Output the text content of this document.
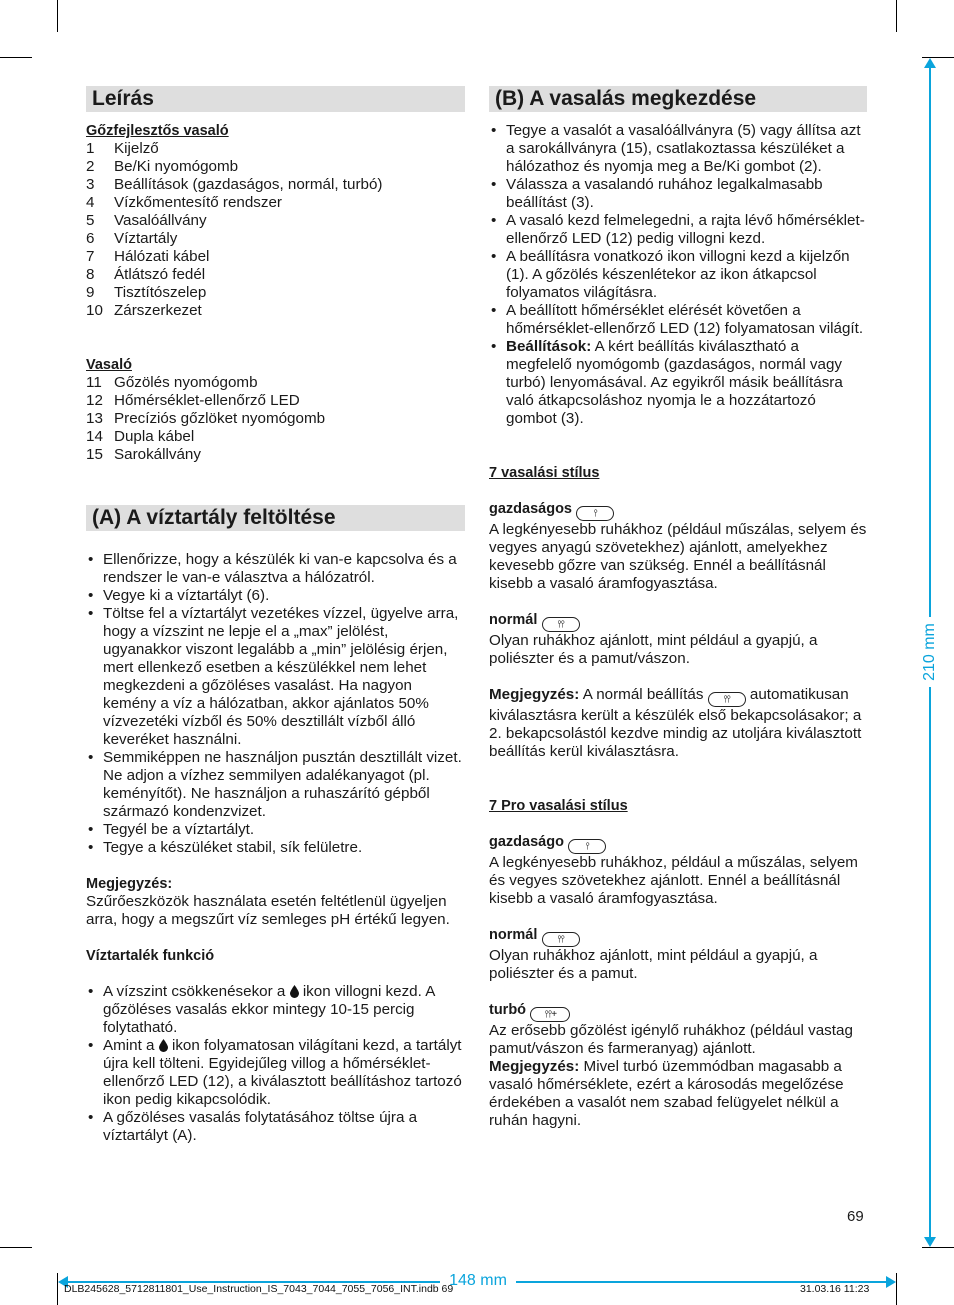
210 mm
148 mm
Leírás
Gőzfejlesztős vasaló
1	Kijelző
2	Be/Ki nyomógomb
3	Beállítások (gazdaságos, normál, turbó)
4	Vízkőmentesítő rendszer
5	Vasalóállvány
6	Víztartály
7	Hálózati kábel
8	Átlátszó fedél
9	Tisztítószelep
10 Zárszerkezet
Vasaló
11 Gőzölés nyomógomb
12 Hőmérséklet-ellenőrző LED
13 Precíziós gőzlöket nyomógomb
14 Dupla kábel
15 Sarokállvány
(A) A víztartály feltöltése
• Ellenőrizze, hogy a készülék ki van-e kapcsolva és a rendszer le van-e választva a hálózatról.
• Vegye ki a víztartályt (6).
• Töltse fel a víztartályt vezetékes vízzel, ügyelve arra, hogy a vízszint ne lepje el a „max” jelölést, ugyanakkor viszont legalább a „min” jelölésig érjen, mert ellenkező esetben a készülékkel nem lehet megkezdeni a gőzöléses vasalást. Ha nagyon kemény a víz a hálózatban, akkor ajánlatos 50% vízvezetéki vízből és 50% desztillált vízből álló keveréket használni.
• Semmiképpen ne használjon pusztán desztillált vizet. Ne adjon a vízhez semmilyen adalékanyagot (pl. keményítőt). Ne használjon a ruhaszárító gépből származó kondenzvizet.
• Tegyél be a víztartályt.
• Tegye a készüléket stabil, sík felületre.
Megjegyzés:
Szűrőeszközök használata esetén feltétlenül ügyeljen arra, hogy a megszűrt víz semleges pH értékű legyen.
Víztartalék funkció
• A vízszint csökkenésekor a ikon villogni kezd. A gőzöléses vasalás ekkor mintegy 10-15 percig folytatható.
• Amint a ikon folyamatosan világítani kezd, a tartályt újra kell tölteni. Egyidejűleg villog a hőmérséklet-ellenőrző LED (12), a kiválasztott beállításhoz tartozó ikon pedig kikapcsolódik.
• A gőzöléses vasalás folytatásához töltse újra a víztartályt (A).
(B) A vasalás megkezdése
• Tegye a vasalót a vasalóállványra (5) vagy állítsa azt a sarokállványra (15), csatlakoztassa készüléket a hálózathoz és nyomja meg a Be/Ki gombot (2).
• Válassza a vasalandó ruhához legalkalmasabb beállítást (3).
• A vasaló kezd felmelegedni, a rajta lévő hőmérséklet-ellenőrző LED (12) pedig villogni kezd.
• A beállításra vonatkozó ikon villogni kezd a kijelzőn (1). A gőzölés készenlétekor az ikon átkapcsol folyamatos világításra.
• A beállított hőmérséklet elérését követően a hőmérséklet-ellenőrző LED (12) folyamatosan világít.
• Beállítások: A kért beállítás kiválasztható a megfelelő nyomógomb (gazdaságos, normál vagy turbó) lenyomásával. Az egyikről másik beállításra való átkapcsoláshoz nyomja le a hozzátartozó gombot (3).
7 vasalási stílus
gazdaságos ⫯
A legkényesebb ruhákhoz (például műszálas, selyem és vegyes anyagú szövetekhez) ajánlott, amelyekhez kevesebb gőzre van szükség. Ennél a beállításnál kisebb a vasaló áramfogyasztása.
normál ⫯⫯
Olyan ruhákhoz ajánlott, mint például a gyapjú, a poliészter és a pamut/vászon.
Megjegyzés: A normál beállítás ⫯⫯ automatikusan kiválasztásra került a készülék első bekapcsolásakor; a 2. bekapcsolástól kezdve mindig az utoljára kiválasztott beállítás kerül kiválasztásra.
7 Pro vasalási stílus
gazdaságo ⫯
A legkényesebb ruhákhoz, például a műszálas, selyem és vegyes szövetekhez ajánlott. Ennél a beállításnál kisebb a vasaló áramfogyasztása.
normál ⫯⫯
Olyan ruhákhoz ajánlott, mint például a gyapjú, a poliészter és a pamut.
turbó ⫯⫯+
Az erősebb gőzölést igénylő ruhákhoz (például vastag pamut/vászon és farmeranyag) ajánlott.
Megjegyzés: Mivel turbó üzemmódban magasabb a vasaló hőmérséklete, ezért a károsodás megelőzése érdekében a vasalót nem szabad felügyelet nélkül a ruhán hagyni.
69
DLB245628_5712811801_Use_Instruction_IS_7043_7044_7055_7056_INT.indb 69	31.03.16 11:23
